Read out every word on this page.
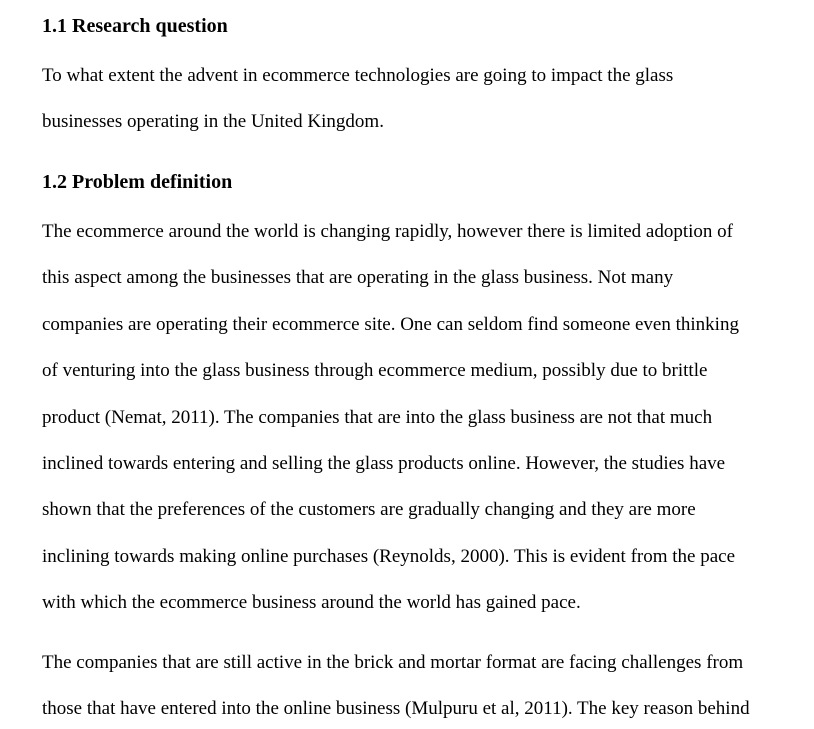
1.1 Research question
To what extent the advent in ecommerce technologies are going to impact the glass
businesses operating in the United Kingdom.
1.2 Problem definition
The ecommerce around the world is changing rapidly, however there is limited adoption of
this aspect among the businesses that are operating in the glass business. Not many
companies are operating their ecommerce site. One can seldom find someone even thinking
of venturing into the glass business through ecommerce medium, possibly due to brittle
product (Nemat, 2011). The companies that are into the glass business are not that much
inclined towards entering and selling the glass products online. However, the studies have
shown that the preferences of the customers are gradually changing and they are more
inclining towards making online purchases (Reynolds, 2000). This is evident from the pace
with which the ecommerce business around the world has gained pace.
The companies that are still active in the brick and mortar format are facing challenges from
those that have entered into the online business (Mulpuru et al, 2011). The key reason behind
